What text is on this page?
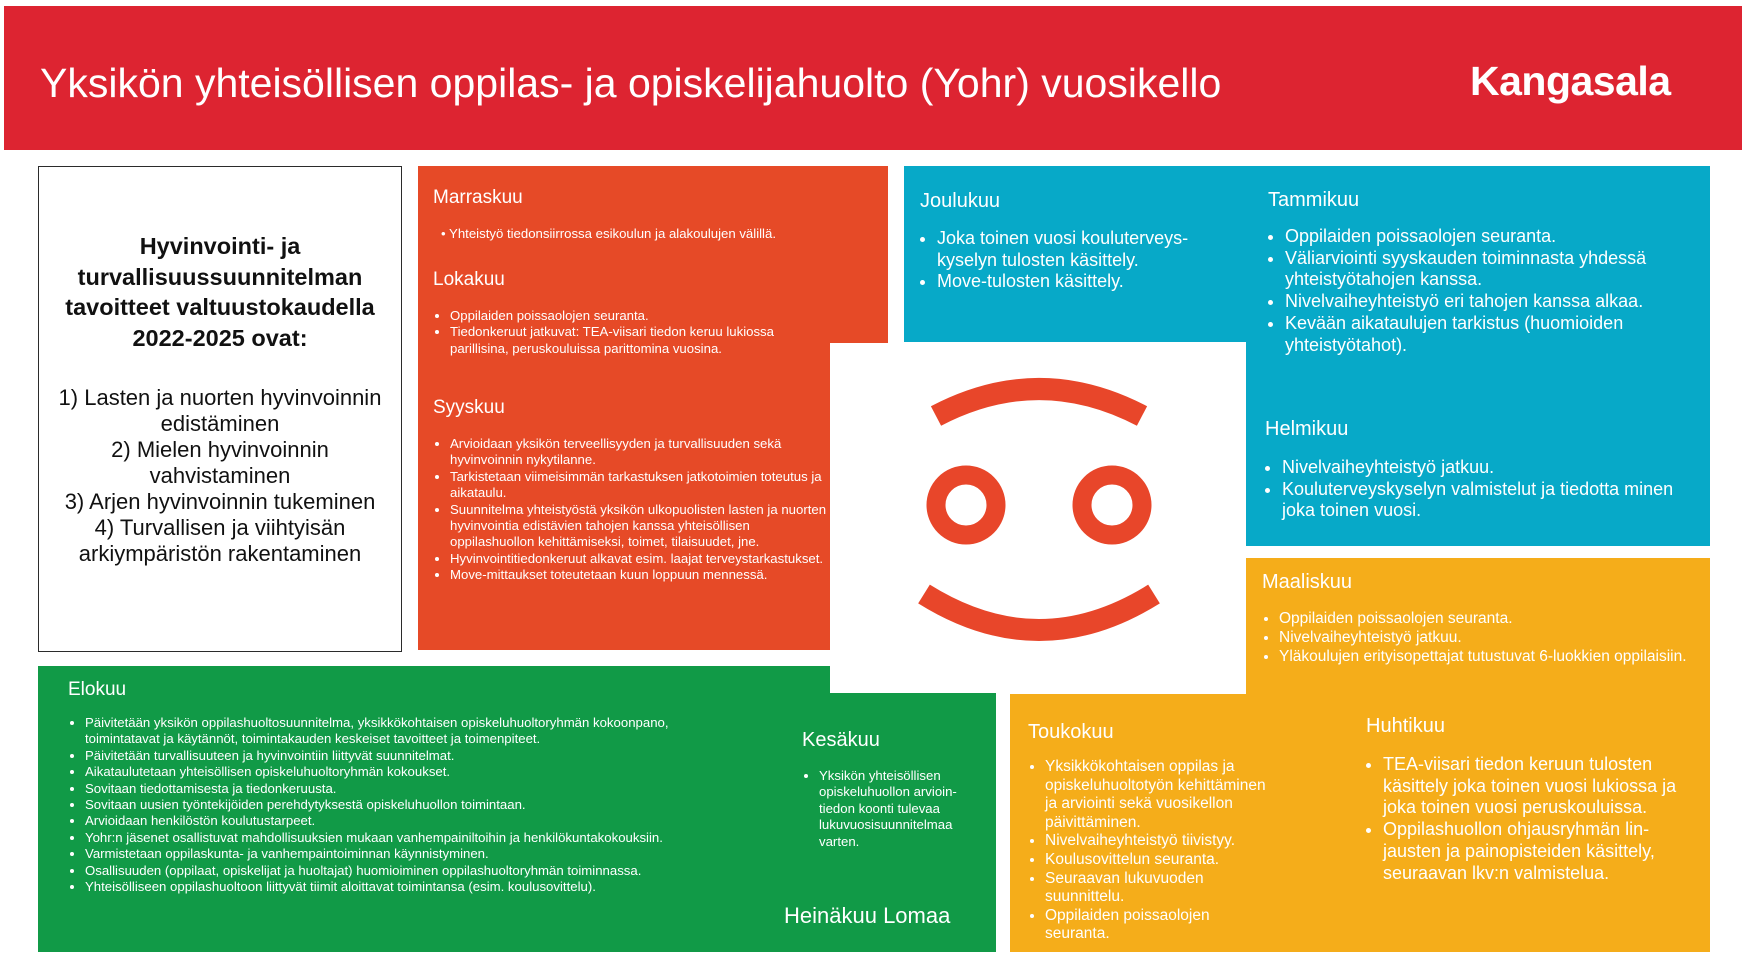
Yksikön yhteisöllisen oppilas- ja opiskelijahuolto (Yohr) vuosikello	Kangasala
Hyvinvointi- ja turvallisuussuunnitelman tavoitteet valtuustokaudella 2022-2025 ovat:
1) Lasten ja nuorten hyvinvoinnin edistäminen
2) Mielen hyvinvoinnin vahvistaminen
3) Arjen hyvinvoinnin tukeminen
4) Turvallisen ja viihtyisän arkiympäristön rakentaminen
Marraskuu
• Yhteistyö tiedonsiirrossa esikoulun ja alakoulujen välillä.
Lokakuu
• Oppilaiden poissaolojen seuranta.
• Tiedonkeruut jatkuvat: TEA-viisari tiedon keruu lukiossa parillisina, peruskouluissa parittomina vuosina.
Syyskuu
• Arvioidaan yksikön terveellisyyden ja turvallisuuden sekä hyvinvoinnin nykytilanne.
• Tarkistetaan viimeisimmän tarkastuksen jatkotoimien toteutus ja aikataulu.
• Suunnitelma yhteistyöstä yksikön ulkopuolisten lasten ja nuorten hyvinvointia edistävien tahojen kanssa yhteisöllisen oppilashuollon kehittämiseksi, toimet, tilaisuudet, jne.
• Hyvinvointitiedonkeruut alkavat esim. laajat terveystarkastukset.
• Move-mittaukset toteutetaan kuun loppuun mennessä.
Joulukuu
• Joka toinen vuosi kouluterveys-kyselyn tulosten käsittely.
• Move-tulosten käsittely.
Tammikuu
• Oppilaiden poissaolojen seuranta.
• Väliarviointi syyskauden toiminnasta yhdessä yhteistyötahojen kanssa.
• Nivelvaiheyhteistyö eri tahojen kanssa alkaa.
• Kevään aikataulujen tarkistus (huomioiden yhteistyötahot).
Helmikuu
• Nivelvaiheyhteistyö jatkuu.
• Kouluterveyskyselyn valmistelut ja tiedotta minen joka toinen vuosi.
Maaliskuu
• Oppilaiden poissaolojen seuranta.
• Nivelvaiheyhteistyö jatkuu.
• Yläkoulujen erityisopettajat tutustuvat 6-luokkien oppilaisiin.
Toukokuu
• Yksikkökohtaisen oppilas ja opiskeluhuoltotyön kehittäminen ja arviointi sekä vuosikellon päivittäminen.
• Nivelvaiheyhteistyö tiivistyy.
• Koulusovittelun seuranta.
• Seuraavan lukuvuoden suunnittelu.
• Oppilaiden poissaolojen seuranta.
Huhtikuu
• TEA-viisari tiedon keruun tulosten käsittely joka toinen vuosi lukiossa ja joka toinen vuosi peruskouluissa.
• Oppilashuollon ohjausryhmän lin-jausten ja painopisteiden käsittely, seuraavan lkv:n valmistelua.
Elokuu
• Päivitetään yksikön oppilashuoltosuunnitelma, yksikkökohtaisen opiskeluhuoltoryhmän kokoonpano, toimintatavat ja käytännöt, toimintakauden keskeiset tavoitteet ja toimenpiteet.
• Päivitetään turvallisuuteen ja hyvinvointiin liittyvät suunnitelmat.
• Aikataulutetaan yhteisöllisen opiskeluhuoltoryhmän kokoukset.
• Sovitaan tiedottamisesta ja tiedonkeruusta.
• Sovitaan uusien työntekijöiden perehdytyksestä opiskeluhuollon toimintaan.
• Arvioidaan henkilöstön koulutustarpeet.
• Yohr:n jäsenet osallistuvat mahdollisuuksien mukaan vanhempainiltoihin ja henkilökuntakokouksiin.
• Varmistetaan oppilaskunta- ja vanhempaintoiminnan käynnistyminen.
• Osallisuuden (oppilaat, opiskelijat ja huoltajat) huomioiminen oppilashuoltoryhmän toiminnassa.
• Yhteisölliseen oppilashuoltoon liittyvät tiimit aloittavat toimintansa (esim. koulusovittelu).
Kesäkuu
• Yksikön yhteisöllisen opiskeluhuollon arvioin-tiedon koonti tulevaa lukuvuosisuunnitelmaa varten.
Heinäkuu Lomaa
